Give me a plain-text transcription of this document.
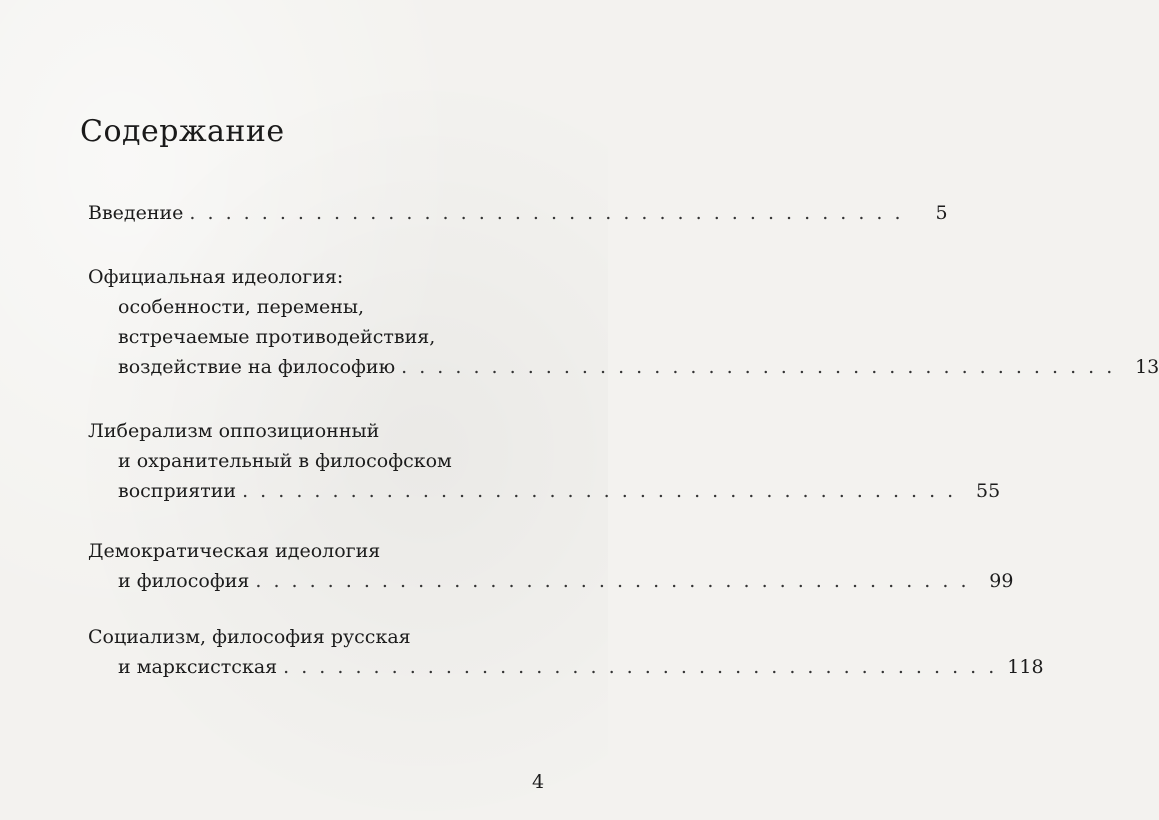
Содержание
Введение . . . . . . . . . . . . . . . . . . . . . . . . . . . . . . . . . . . . . . . .	5
Официальная идеология:
особенности, перемены,
встречаемые противодействия,
воздействие на философию . . . . . . . . . . . . . . . . . . . . . . . . . . . . . . . . . . . . . . . .	13
Либерализм оппозиционный
и охранительный в философском
восприятии . . . . . . . . . . . . . . . . . . . . . . . . . . . . . . . . . . . . . . . .	55
Демократическая идеология
и философия . . . . . . . . . . . . . . . . . . . . . . . . . . . . . . . . . . . . . . . .	99
Социализм, философия русская
и марксистская . . . . . . . . . . . . . . . . . . . . . . . . . . . . . . . . . . . . . . . . 118
4
